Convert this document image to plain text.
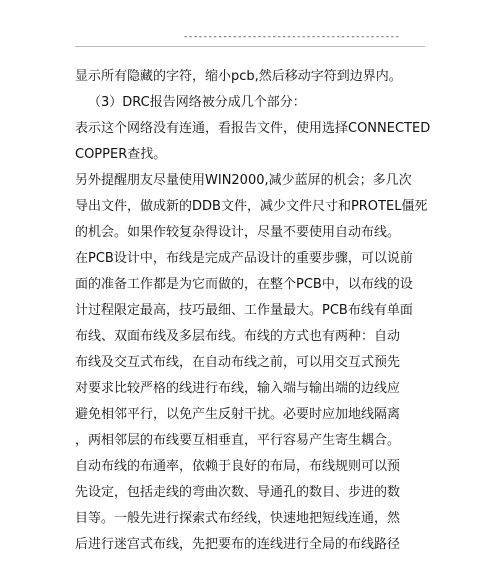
--------------------------------------------
显示所有隐藏的字符，缩小pcb,然后移动字符到边界内。
（3）DRC报告网络被分成几个部分：
表示这个网络没有连通，看报告文件，使用选择CONNECTED
COPPER查找。
另外提醒朋友尽量使用WIN2000,减少蓝屏的机会；多几次
导出文件，做成新的DDB文件，减少文件尺寸和PROTEL僵死
的机会。如果作较复杂得设计，尽量不要使用自动布线。
在PCB设计中，布线是完成产品设计的重要步骤，可以说前
面的准备工作都是为它而做的，在整个PCB中，以布线的设
计过程限定最高，技巧最细、工作量最大。PCB布线有单面
布线、双面布线及多层布线。布线的方式也有两种：自动
布线及交互式布线，在自动布线之前，可以用交互式预先
对要求比较严格的线进行布线，输入端与输出端的边线应
避免相邻平行，以免产生反射干扰。必要时应加地线隔离
，两相邻层的布线要互相垂直，平行容易产生寄生耦合。
自动布线的布通率，依赖于良好的布局，布线规则可以预
先设定，包括走线的弯曲次数、导通孔的数目、步进的数
目等。一般先进行探索式布经线，快速地把短线连通，然
后进行迷宫式布线，先把要布的连线进行全局的布线路径
